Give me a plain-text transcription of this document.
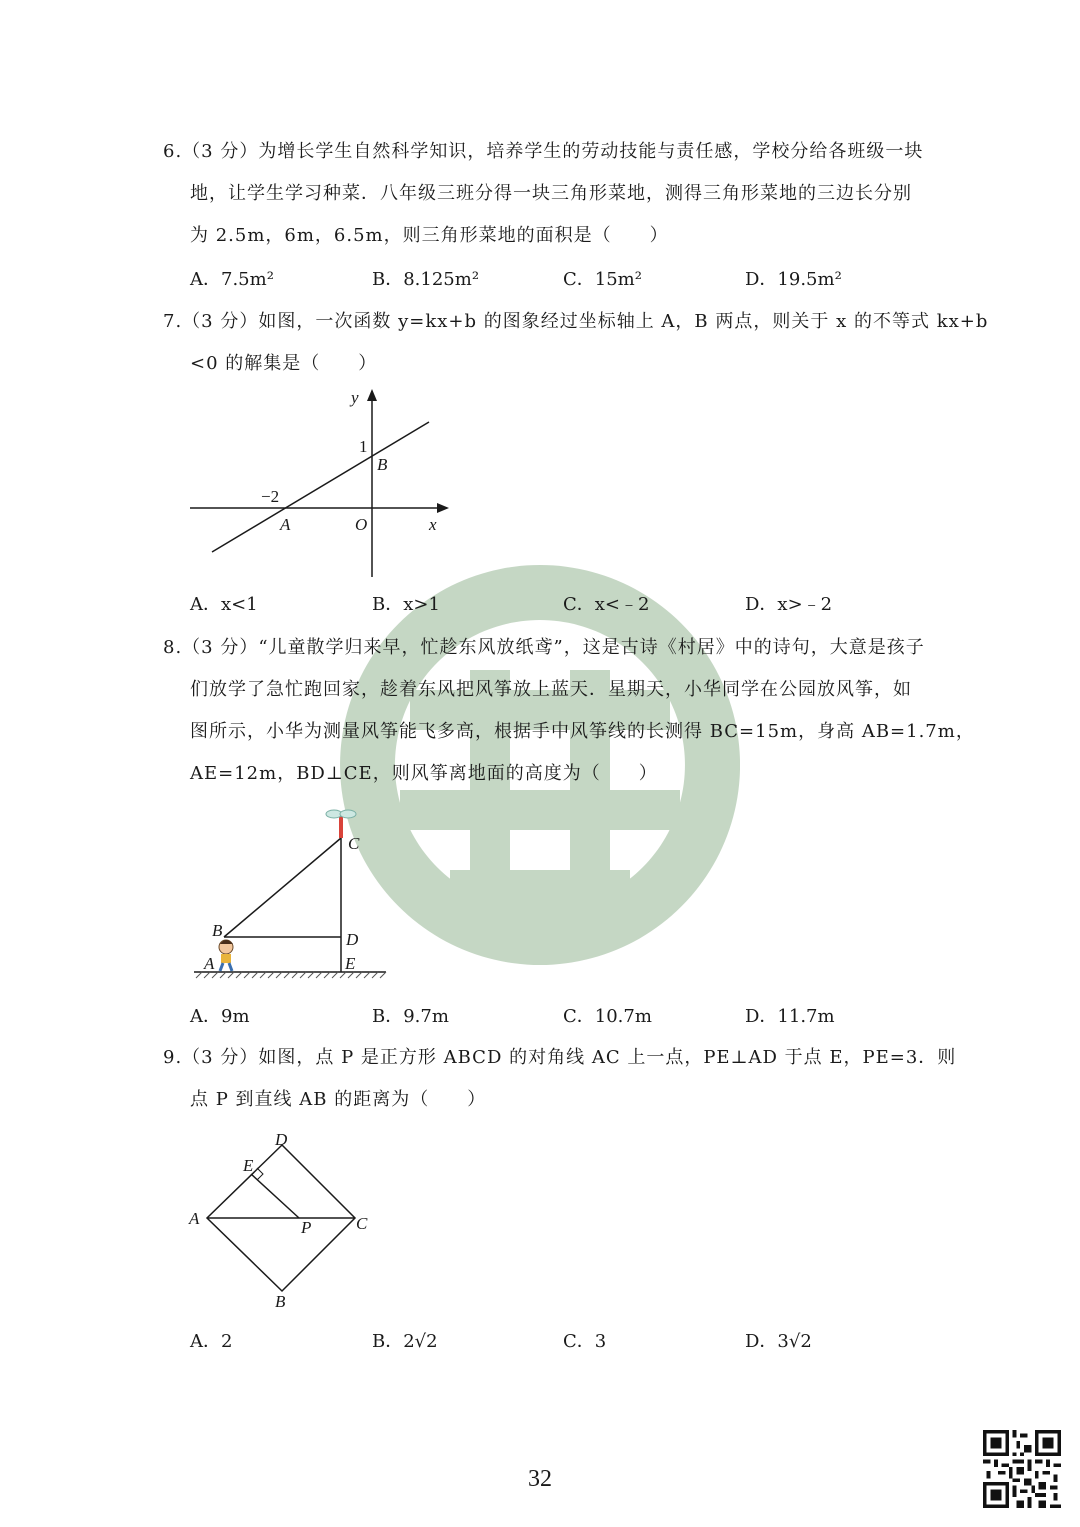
6.（3 分）为增长学生自然科学知识，培养学生的劳动技能与责任感，学校分给各班级一块
地，让学生学习种菜．八年级三班分得一块三角形菜地，测得三角形菜地的三边长分别
为 2.5m，6m，6.5m，则三角形菜地的面积是（　　）
A．7.5m²	B．8.125m²	C．15m²	D．19.5m²
7.（3 分）如图，一次函数 y=kx+b 的图象经过坐标轴上 A，B 两点，则关于 x 的不等式 kx+b
<0 的解集是（　　）
y
x
1
B
−2
A	O
A．x<1	B．x>1	C．x<﹣2	D．x>﹣2
8.（3 分）“儿童散学归来早，忙趁东风放纸鸢”，这是古诗《村居》中的诗句，大意是孩子
们放学了急忙跑回家，趁着东风把风筝放上蓝天．星期天，小华同学在公园放风筝，如
图所示，小华为测量风筝能飞多高，根据手中风筝线的长测得 BC=15m，身高 AB=1.7m，
AE=12m，BD⊥CE，则风筝离地面的高度为（　　）
C
B	D
A	E
A．9m	B．9.7m	C．10.7m	D．11.7m
9.（3 分）如图，点 P 是正方形 ABCD 的对角线 AC 上一点，PE⊥AD 于点 E，PE=3．则
点 P 到直线 AB 的距离为（　　）
D
E
A	P	C
B
A．2	B．2√2	C．3	D．3√2
32
